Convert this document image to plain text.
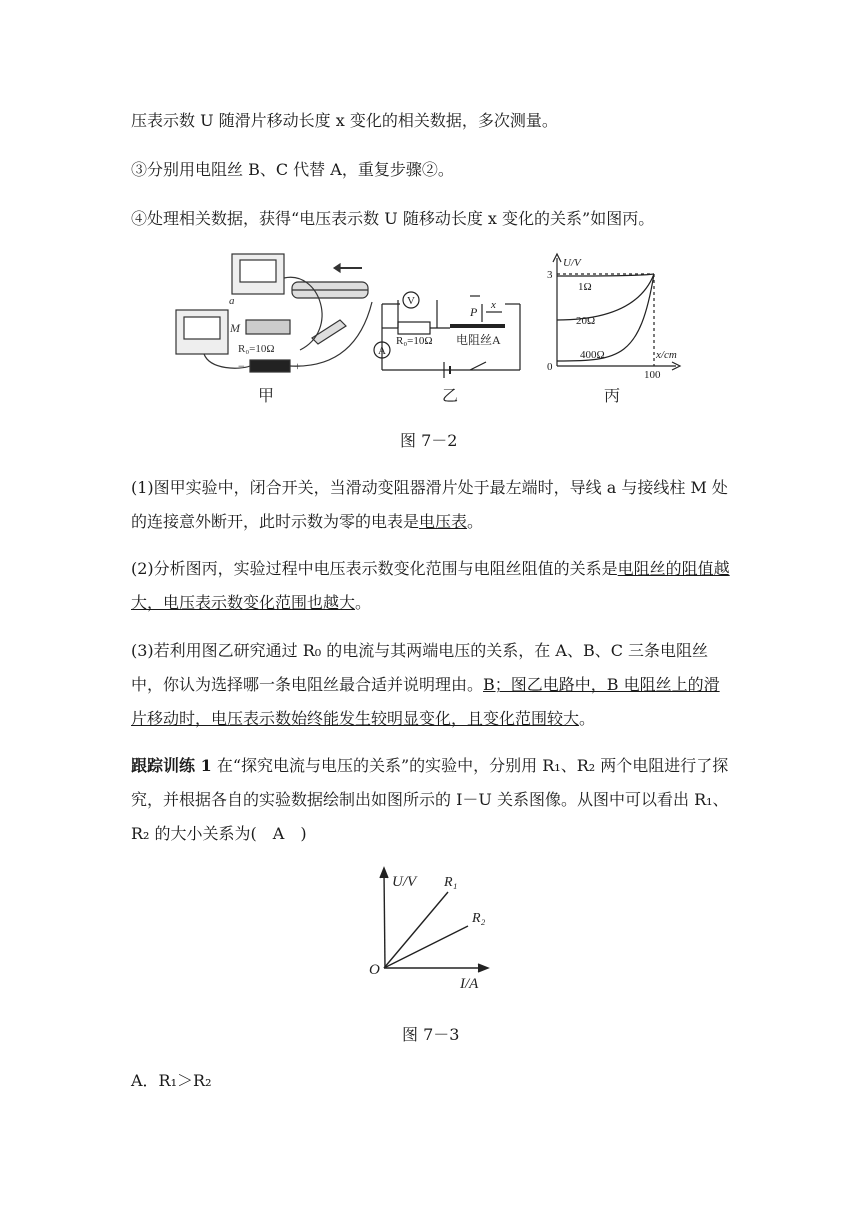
压表示数 U 随滑片移动长度 x 变化的相关数据，多次测量。
③分别用电阻丝 B、C 代替 A，重复步骤②。
④处理相关数据，获得“电压表示数 U 随移动长度 x 变化的关系”如图丙。
a
M
R₀=10Ω
−	+
甲
V
A
R₀=10Ω 电阻丝A
P x
乙
U/V
x/cm
3
0
100
1Ω
20Ω
400Ω
丙
图 7－2
(1)图甲实验中，闭合开关，当滑动变阻器滑片处于最左端时，导线 a 与接线柱 M 处的连接意外断开，此时示数为零的电表是电压表。
(2)分析图丙，实验过程中电压表示数变化范围与电阻丝阻值的关系是电阻丝的阻值越大，电压表示数变化范围也越大。
(3)若利用图乙研究通过 R₀ 的电流与其两端电压的关系，在 A、B、C 三条电阻丝中，你认为选择哪一条电阻丝最合适并说明理由。B；图乙电路中，B 电阻丝上的滑片移动时，电压表示数始终能发生较明显变化，且变化范围较大。
跟踪训练 1 在“探究电流与电压的关系”的实验中，分别用 R₁、R₂ 两个电阻进行了探究，并根据各自的实验数据绘制出如图所示的 I－U 关系图像。从图中可以看出 R₁、R₂ 的大小关系为(　A　)
U/V
I/A
O
R₁
R₂
图 7－3
A．R₁＞R₂
